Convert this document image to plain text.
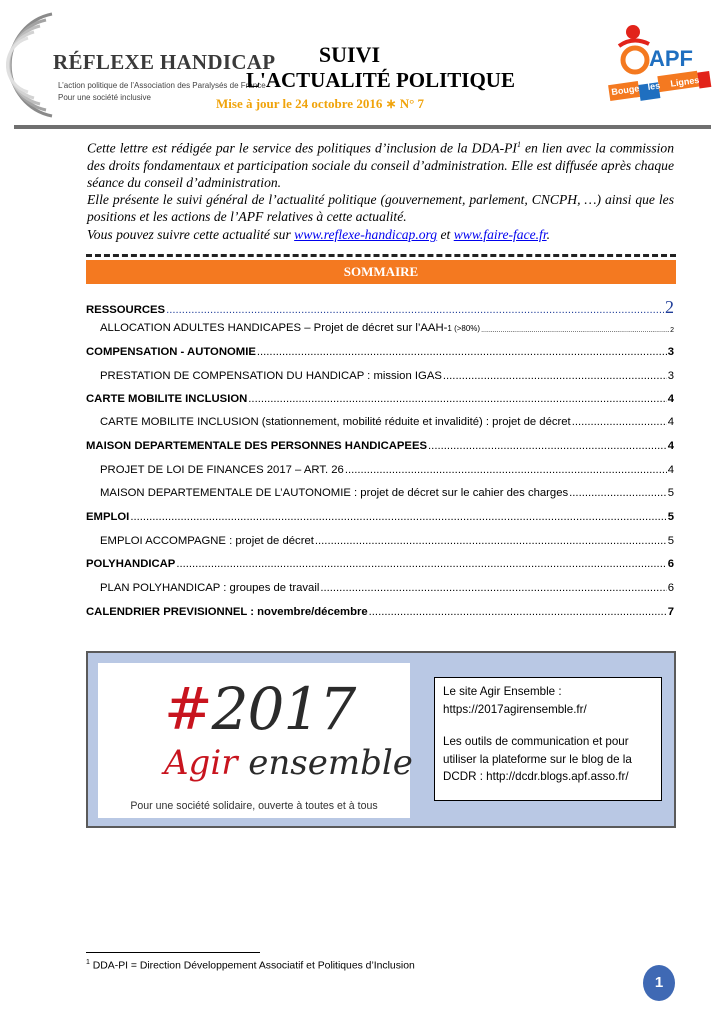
RÉFLEXE HANDICAP
L’action politique de l’Association des Paralysés de France
Pour une société inclusive
SUIVI
L'ACTUALITÉ POLITIQUE
Mise à jour le 24 octobre 2016 ∗ N° 7
APF
Bouge les Lignes !

Cette lettre est rédigée par le service des politiques d’inclusion de la DDA-$PI^1$ en lien avec la commission des droits fondamentaux et participation sociale du conseil d’administration. Elle est diffusée après chaque séance du conseil d’administration.

Elle présente le suivi général de l’actualité politique (gouvernement, parlement, CNCPH, …) ainsi que les positions et les actions de l’APF relatives à cette actualité.

Vous pouvez suivre cette actualité sur www.reflexe-handicap.org et www.faire-face.fr.

SOMMAIRE
RESSOURCES .....	2
ALLOCATION ADULTES HANDICAPES – Projet de décret sur l’AAH-1 (>80%) .....	2
COMPENSATION - AUTONOMIE .....	3
PRESTATION DE COMPENSATION DU HANDICAP : mission IGAS .....	3
CARTE MOBILITE INCLUSION .....	4
CARTE MOBILITE INCLUSION (stationnement, mobilité réduite et invalidité) : projet de décret .....	4
MAISON DEPARTEMENTALE DES PERSONNES HANDICAPEES .....	4
PROJET DE LOI DE FINANCES 2017 – ART. 26 .....	4
MAISON DEPARTEMENTALE DE L’AUTONOMIE : projet de décret sur le cahier des charges .....	5
EMPLOI .....	5
EMPLOI ACCOMPAGNE : projet de décret .....	5
POLYHANDICAP .....	6
PLAN POLYHANDICAP : groupes de travail .....	6
CALENDRIER PREVISIONNEL : novembre/décembre .....	7
#2017
Agir ensemble
Pour une société solidaire, ouverte à toutes et à tous

Le site Agir Ensemble : https://2017agirensemble.fr/

Les outils de communication et pour utiliser la plateforme sur le blog de la DCDR : http://dcdr.blogs.apf.asso.fr/

$^1$ DDA-PI = Direction Développement Associatif et Politiques d’Inclusion
1
